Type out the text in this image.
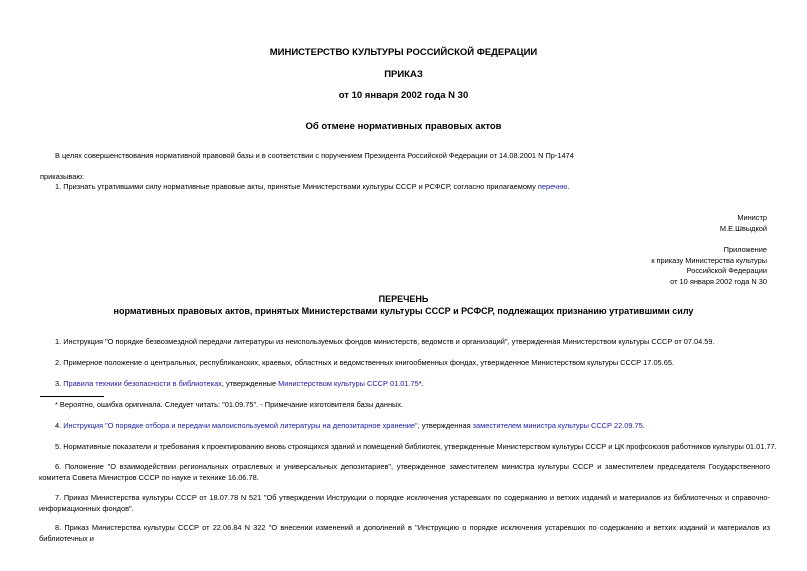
МИНИСТЕРСТВО КУЛЬТУРЫ РОССИЙСКОЙ ФЕДЕРАЦИИ
ПРИКАЗ
от 10 января 2002 года N 30
Об отмене нормативных правовых актов
В целях совершенствования нормативной правовой базы и в соответствии с поручением Президента Российской Федерации от 14.08.2001 N Пр-1474
приказываю:
1. Признать утратившими силу нормативные правовые акты, принятые Министерствами культуры СССР и РСФСР, согласно прилагаемому перечню.
Министр
М.Е.Швыдкой
Приложение
к приказу Министерства культуры
Российской Федерации
от 10 января 2002 года N 30
ПЕРЕЧЕНЬ
нормативных правовых актов, принятых Министерствами культуры СССР и РСФСР, подлежащих признанию утратившими силу
1. Инструкция "О порядке безвозмездной передачи литературы из неиспользуемых фондов министерств, ведомств и организаций", утвержденная Министерством культуры СССР от 07.04.59.
2. Примерное положение о центральных, республиканских, краевых, областных и ведомственных книгообменных фондах, утвержденное Министерством культуры СССР 17.05.65.
3. Правила техники безопасности в библиотеках, утвержденные Министерством культуры СССР 01.01.75*.
* Вероятно, ошибка оригинала. Следует читать: "01.09.75". - Примечание изготовителя базы данных.
4. Инструкция "О порядке отбора и передачи малоиспользуемой литературы на депозитарное хранение", утвержденная заместителем министра культуры СССР 22.09.75.
5. Нормативные показатели и требования к проектированию вновь строящихся зданий и помещений библиотек, утвержденные Министерством культуры СССР и ЦК профсоюзов работников культуры 01.01.77.
6. Положение "О взаимодействии региональных отраслевых и универсальных депозитариев", утвержденное заместителем министра культуры СССР и заместителем председателя Государственного комитета Совета Министров СССР по науке и технике 16.06.78.
7. Приказ Министерства культуры СССР от 18.07.78 N 521 "Об утверждении Инструкции о порядке исключения устаревших по содержанию и ветхих изданий и материалов из библиотечных и справочно-информационных фондов".
8. Приказ Министерства культуры СССР от 22.06.84 N 322 "О внесении изменений и дополнений в "Инструкцию о порядке исключения устаревших по содержанию и ветхих изданий и материалов из библиотечных и
